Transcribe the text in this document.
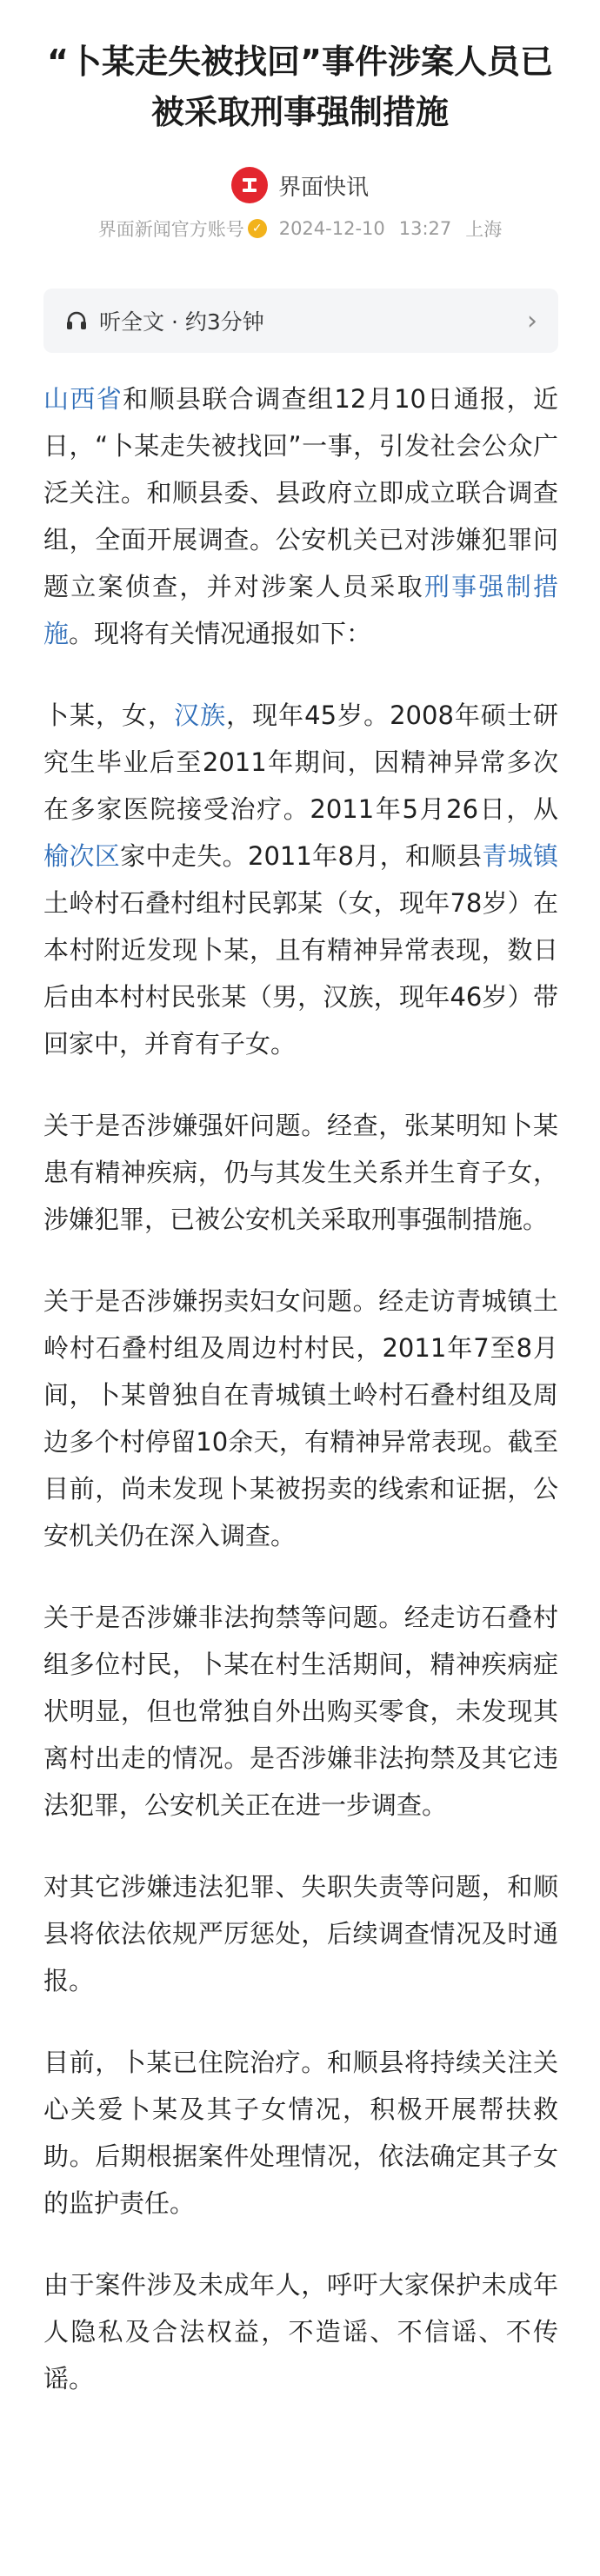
“卜某走失被找回”事件涉案人员已被采取刑事强制措施
界面快讯
界面新闻官方账号 ✓ 2024-12-10 13:27 上海
听全文 · 约3分钟	›

山西省和顺县联合调查组12月10日通报，近日，“卜某走失被找回”一事，引发社会公众广泛关注。和顺县委、县政府立即成立联合调查组，全面开展调查。公安机关已对涉嫌犯罪问题立案侦查，并对涉案人员采取刑事强制措施。现将有关情况通报如下：

卜某，女，汉族，现年45岁。2008年硕士研究生毕业后至2011年期间，因精神异常多次在多家医院接受治疗。2011年5月26日，从榆次区家中走失。2011年8月，和顺县青城镇土岭村石叠村组村民郭某（女，现年78岁）在本村附近发现卜某，且有精神异常表现，数日后由本村村民张某（男，汉族，现年46岁）带回家中，并育有子女。

关于是否涉嫌强奸问题。经查，张某明知卜某患有精神疾病，仍与其发生关系并生育子女，涉嫌犯罪，已被公安机关采取刑事强制措施。

关于是否涉嫌拐卖妇女问题。经走访青城镇土岭村石叠村组及周边村村民，2011年7至8月间，卜某曾独自在青城镇土岭村石叠村组及周边多个村停留10余天，有精神异常表现。截至目前，尚未发现卜某被拐卖的线索和证据，公安机关仍在深入调查。

关于是否涉嫌非法拘禁等问题。经走访石叠村组多位村民，卜某在村生活期间，精神疾病症状明显，但也常独自外出购买零食，未发现其离村出走的情况。是否涉嫌非法拘禁及其它违法犯罪，公安机关正在进一步调查。

对其它涉嫌违法犯罪、失职失责等问题，和顺县将依法依规严厉惩处，后续调查情况及时通报。

目前，卜某已住院治疗。和顺县将持续关注关心关爱卜某及其子女情况，积极开展帮扶救助。后期根据案件处理情况，依法确定其子女的监护责任。

由于案件涉及未成年人，呼吁大家保护未成年人隐私及合法权益，不造谣、不信谣、不传谣。
